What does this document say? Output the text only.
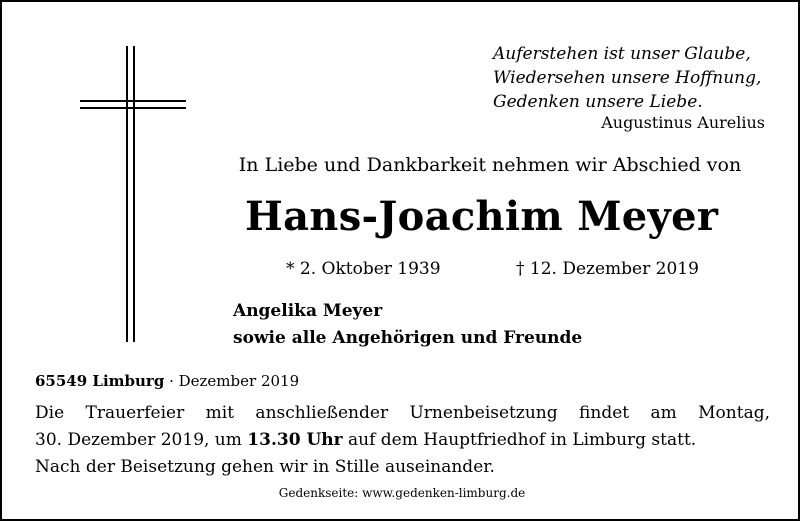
Auferstehen ist unser Glaube,
Wiedersehen unsere Hoffnung,
Gedenken unsere Liebe.
Augustinus Aurelius
In Liebe und Dankbarkeit nehmen wir Abschied von
Hans-Joachim Meyer
* 2. Oktober 1939	† 12. Dezember 2019
Angelika Meyer
sowie alle Angehörigen und Freunde
65549 Limburg · Dezember 2019
Die Trauerfeier mit anschließender Urnenbeisetzung findet am Montag,
30. Dezember 2019, um 13.30 Uhr auf dem Hauptfriedhof in Limburg statt.
Nach der Beisetzung gehen wir in Stille auseinander.
Gedenkseite: www.gedenken-limburg.de
